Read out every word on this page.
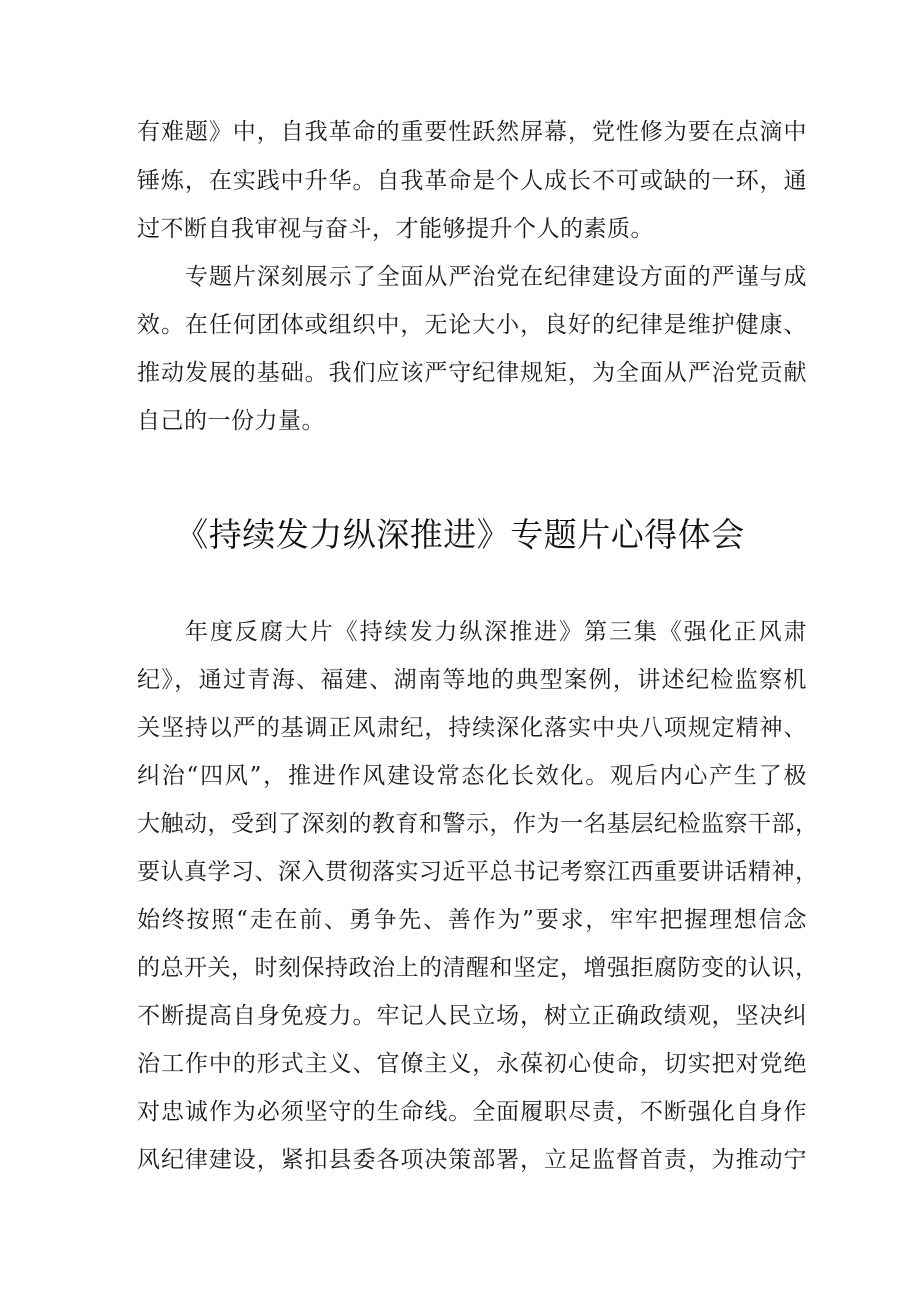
有难题》中，自我革命的重要性跃然屏幕，党性修为要在点滴中
锤炼，在实践中升华。自我革命是个人成长不可或缺的一环，通
过不断自我审视与奋斗，才能够提升个人的素质。
专题片深刻展示了全面从严治党在纪律建设方面的严谨与成
效。在任何团体或组织中，无论大小，良好的纪律是维护健康、
推动发展的基础。我们应该严守纪律规矩，为全面从严治党贡献
自己的一份力量。
《持续发力纵深推进》专题片心得体会
年度反腐大片《持续发力纵深推进》第三集《强化正风肃
纪》，通过青海、福建、湖南等地的典型案例，讲述纪检监察机
关坚持以严的基调正风肃纪，持续深化落实中央八项规定精神、
纠治“四风”，推进作风建设常态化长效化。观后内心产生了极
大触动，受到了深刻的教育和警示，作为一名基层纪检监察干部，
要认真学习、深入贯彻落实习近平总书记考察江西重要讲话精神，
始终按照“走在前、勇争先、善作为”要求，牢牢把握理想信念
的总开关，时刻保持政治上的清醒和坚定，增强拒腐防变的认识，
不断提高自身免疫力。牢记人民立场，树立正确政绩观，坚决纠
治工作中的形式主义、官僚主义，永葆初心使命，切实把对党绝
对忠诚作为必须坚守的生命线。全面履职尽责，不断强化自身作
风纪律建设，紧扣县委各项决策部署，立足监督首责，为推动宁
